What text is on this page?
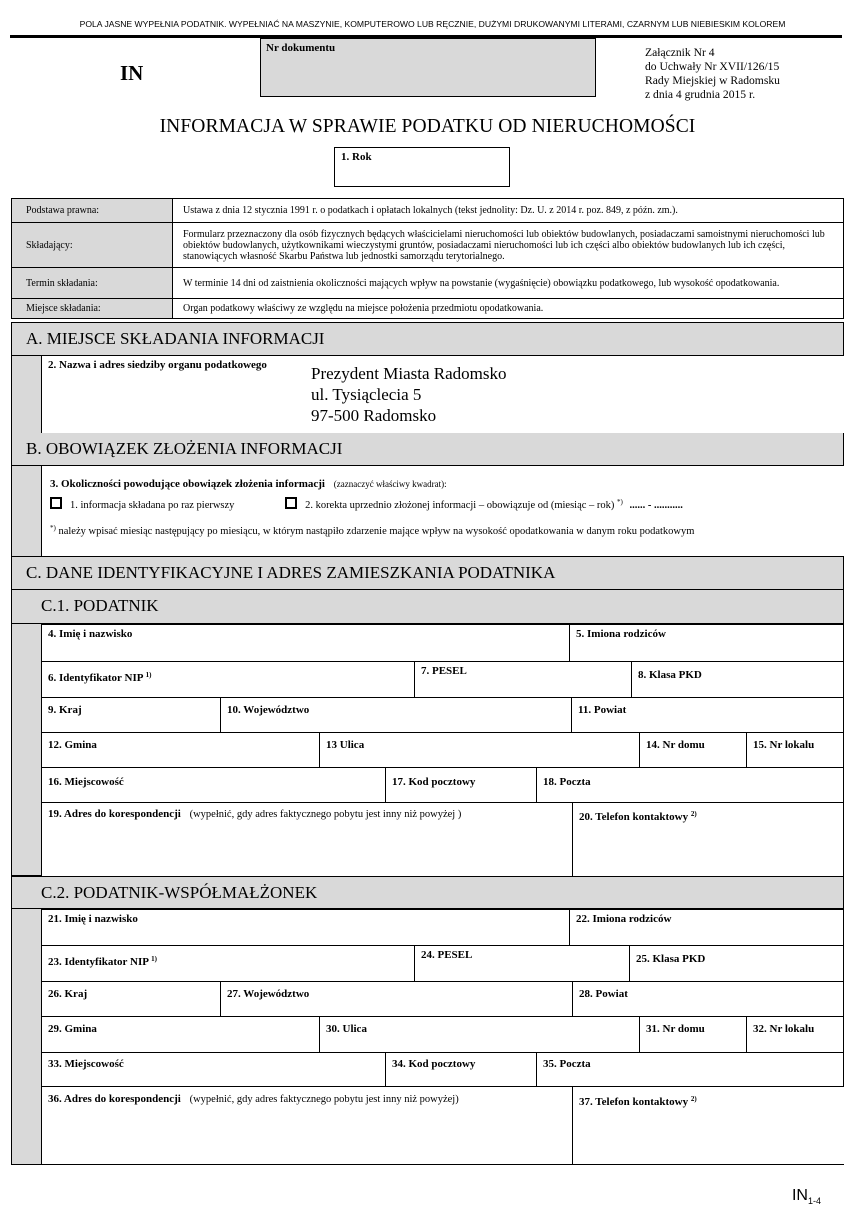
POLA JASNE WYPEŁNIA PODATNIK. WYPEŁNIAĆ NA MASZYNIE, KOMPUTEROWO LUB RĘCZNIE, DUŻYMI DRUKOWANYMI LITERAMI, CZARNYM LUB NIEBIESKIM KOLOREM
IN
Nr dokumentu	Załącznik Nr 4
do Uchwały Nr XVII/126/15
Rady Miejskiej w Radomsku
z dnia 4 grudnia 2015 r.
INFORMACJA W SPRAWIE PODATKU OD NIERUCHOMOŚCI
1. Rok
Podstawa prawna:	Ustawa z dnia 12 stycznia 1991 r. o podatkach i opłatach lokalnych (tekst jednolity: Dz. U. z 2014 r. poz. 849, z późn. zm.).
Składający:	Formularz przeznaczony dla osób fizycznych będących właścicielami nieruchomości lub obiektów budowlanych, posiadaczami samoistnymi nieruchomości lub obiektów budowlanych, użytkownikami wieczystymi gruntów, posiadaczami nieruchomości lub ich części albo obiektów budowlanych lub ich części, stanowiących własność Skarbu Państwa lub jednostki samorządu terytorialnego.
Termin składania:	W terminie 14 dni od zaistnienia okoliczności mających wpływ na powstanie (wygaśnięcie) obowiązku podatkowego, lub wysokość opodatkowania.
Miejsce składania:	Organ podatkowy właściwy ze względu na miejsce położenia przedmiotu opodatkowania.
A. MIEJSCE SKŁADANIA INFORMACJI
2. Nazwa i adres siedziby organu podatkowego	Prezydent Miasta Radomsko
ul. Tysiąclecia 5
97-500 Radomsko
B. OBOWIĄZEK ZŁOŻENIA INFORMACJI
3. Okoliczności powodujące obowiązek złożenia informacji (zaznaczyć właściwy kwadrat):
1. informacja składana po raz pierwszy	2. korekta uprzednio złożonej informacji – obowiązuje od (miesiąc – rok) *) ...... - ...........
*) należy wpisać miesiąc następujący po miesiącu, w którym nastąpiło zdarzenie mające wpływ na wysokość opodatkowania w danym roku podatkowym
C. DANE IDENTYFIKACYJNE I ADRES ZAMIESZKANIA PODATNIKA
C.1. PODATNIK
4. Imię i nazwisko	5. Imiona rodziców
6. Identyfikator NIP $^{1)}$	7. PESEL	8. Klasa PKD
9. Kraj	10. Województwo	11. Powiat
12. Gmina	13 Ulica	14. Nr domu	15. Nr lokalu
16. Miejscowość	17. Kod pocztowy	18. Poczta
19. Adres do korespondencji (wypełnić, gdy adres faktycznego pobytu jest inny niż powyżej )	20. Telefon kontaktowy $^{2)}$
C.2. PODATNIK-WSPÓŁMAŁŻONEK
21. Imię i nazwisko	22. Imiona rodziców
23. Identyfikator NIP $^{1)}$	24. PESEL	25. Klasa PKD
26. Kraj	27. Województwo	28. Powiat
29. Gmina	30. Ulica	31. Nr domu	32. Nr lokalu
33. Miejscowość	34. Kod pocztowy	35. Poczta
36. Adres do korespondencji (wypełnić, gdy adres faktycznego pobytu jest inny niż powyżej)	37. Telefon kontaktowy $^{2)}$
$IN_{1-4}$
